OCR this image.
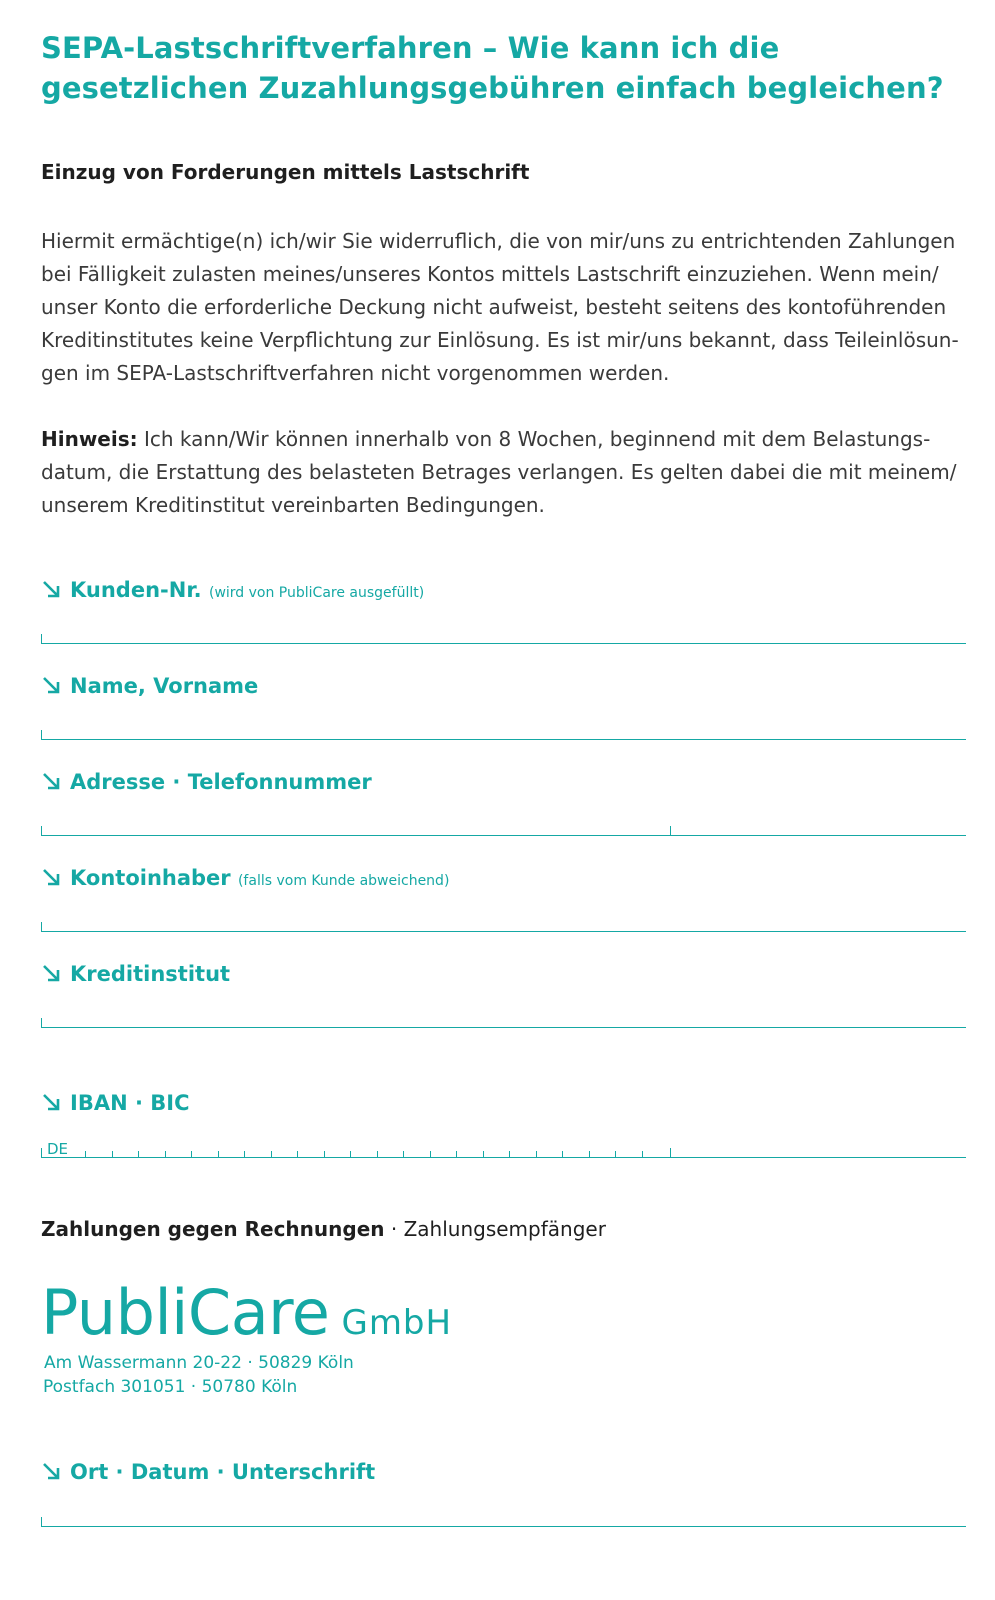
SEPA-Lastschriftverfahren – Wie kann ich die gesetzlichen Zuzahlungsgebühren einfach begleichen?
Einzug von Forderungen mittels Lastschrift

Hiermit ermächtige(n) ich/wir Sie widerruflich, die von mir/uns zu entrichtenden Zahlungen bei Fälligkeit zulasten meines/unseres Kontos mittels Lastschrift einzuziehen. Wenn mein/ unser Konto die erforderliche Deckung nicht aufweist, besteht seitens des kontoführenden Kreditinstitutes keine Verpflichtung zur Einlösung. Es ist mir/uns bekannt, dass Teileinlösungen im SEPA-Lastschriftverfahren nicht vorgenommen werden.

Hinweis: Ich kann/Wir können innerhalb von 8 Wochen, beginnend mit dem Belastungsdatum, die Erstattung des belasteten Betrages verlangen. Es gelten dabei die mit meinem/ unserem Kreditinstitut vereinbarten Bedingungen.

Kunden-Nr. (wird von PubliCare ausgefüllt)
Name, Vorname
Adresse · Telefonnummer
Kontoinhaber (falls vom Kunde abweichend)
Kreditinstitut
IBAN · BIC
DE
Zahlungen gegen Rechnungen · Zahlungsempfänger
PubliCare GmbH
Am Wassermann 20-22 · 50829 Köln
Postfach 301051 · 50780 Köln
Ort · Datum · Unterschrift
